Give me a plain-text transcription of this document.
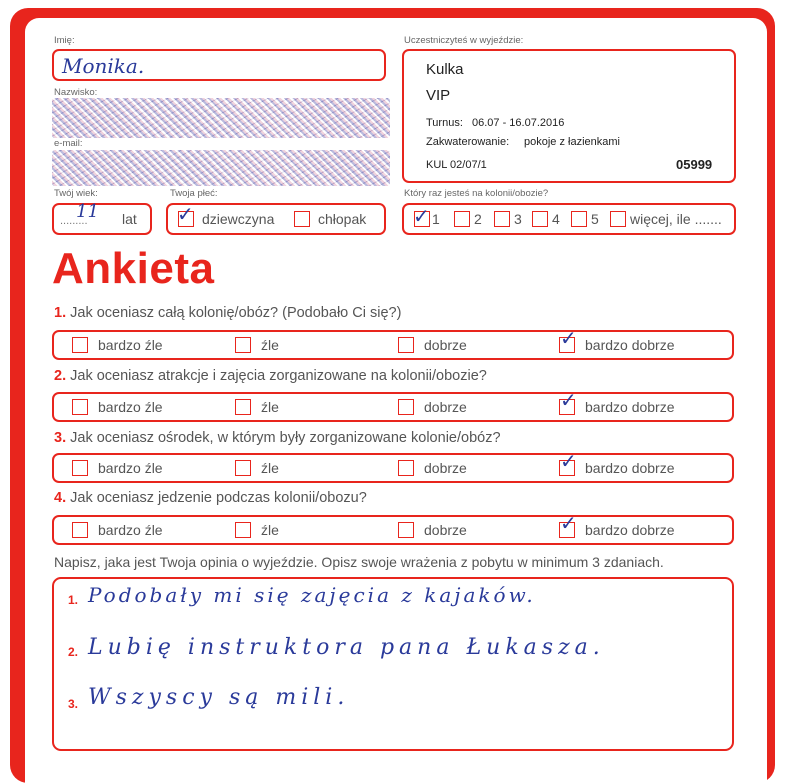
Imię:
Monika.
Nazwisko:
e-mail:
Twój wiek:
.........
11 lat
Twoja płeć:
✓ dziewczyna	chłopak
Uczestniczyteś w wyjeździe:
Kulka
VIP
Turnus: 06.07 - 16.07.2016
Zakwaterowanie: pokoje z łazienkami
KUL 02/07/1	05999
Który raz jesteś na kolonii/obozie?
✓ 1 2 3 4 5 więcej, ile .......
Ankieta
1. Jak oceniasz całą kolonię/obóz? (Podobało Ci się?)
bardzo źle	źle	dobrze	✓ bardzo dobrze
2. Jak oceniasz atrakcje i zajęcia zorganizowane na kolonii/obozie?
bardzo źle	źle	dobrze	✓ bardzo dobrze
3. Jak oceniasz ośrodek, w którym były zorganizowane kolonie/obóz?
bardzo źle	źle	dobrze	✓ bardzo dobrze
4. Jak oceniasz jedzenie podczas kolonii/obozu?
bardzo źle	źle	dobrze	✓ bardzo dobrze
Napisz, jaka jest Twoja opinia o wyjeździe. Opisz swoje wrażenia z pobytu w minimum 3 zdaniach.
1. Podobały mi się zajęcia z kajaków.
2. Lubię instruktora pana Łukasza.
3. Wszyscy są mili.
